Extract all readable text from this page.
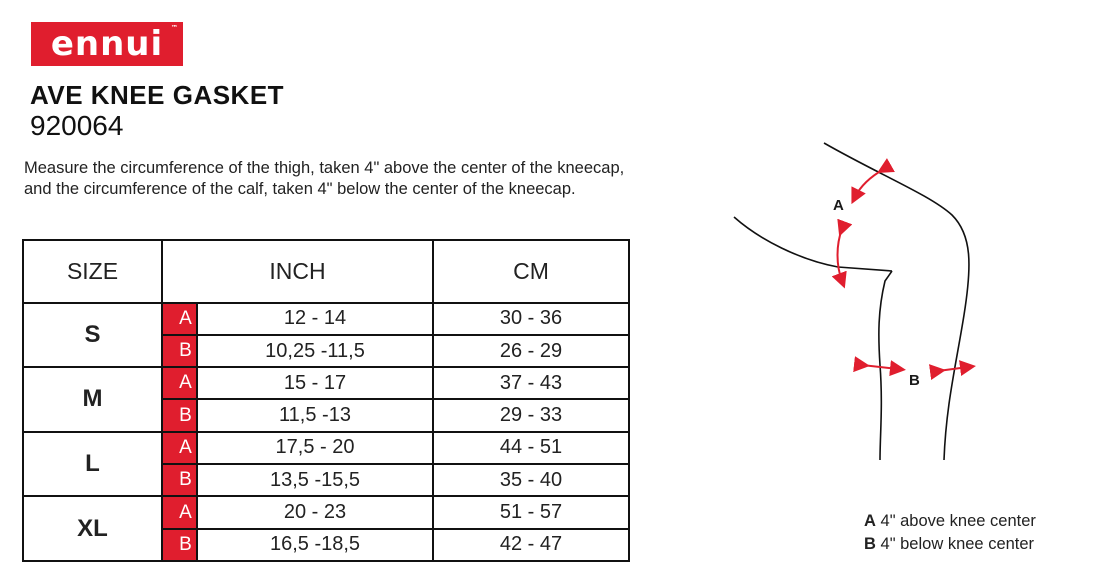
ennui ™
AVE KNEE GASKET
920064
Measure the circumference of the thigh, taken 4" above the center of the kneecap, and the circumference of the calf, taken 4" below the center of the kneecap.
SIZE	INCH		CM
S	A	12 - 14	30 - 36
	B	10,25 -11,5	26 - 29
M	A	15 - 17	37 - 43
	B	11,5 -13	29 - 33
L	A	17,5 - 20	44 - 51
	B	13,5 -15,5	35 - 40
XL	A	20 - 23	51 - 57
	B	16,5 -18,5	42 - 47
A
B
A 4" above knee center
B 4" below knee center
